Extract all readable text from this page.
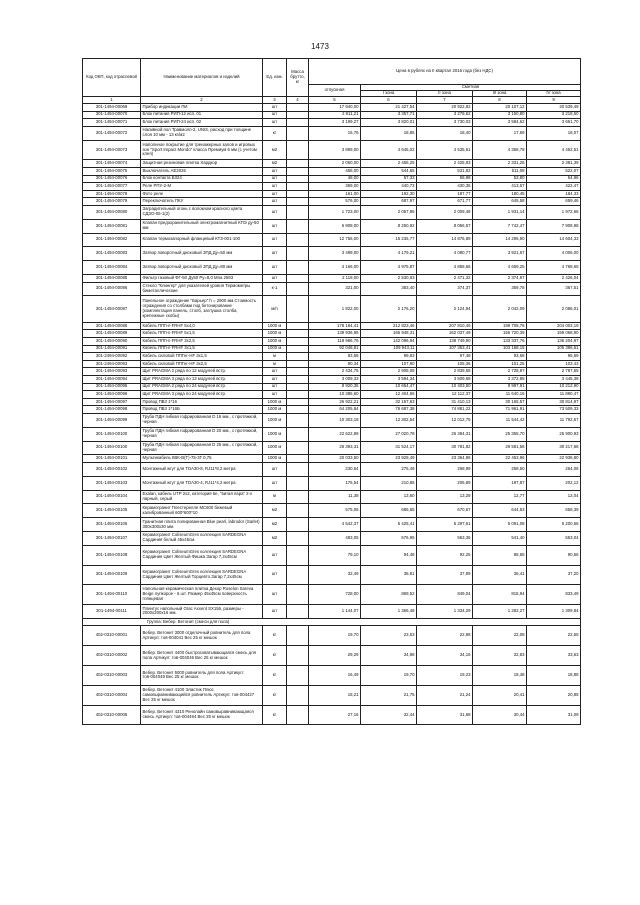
1473
Код ОКП, код отраслевой	Наименование материалов и изделий	Ед. изм.	Масса брутто, кг	Цена в рублях на II квартал 2016 года (без НДС)				
				отпускная	Сметная			
					I зона	II зона	III зона	IV зона
1	2	3	4	5	6	7	8	9
301-1494-00069	Прибор индикации ПИ	шт		17 940,00	21 427,54	20 922,82	20 107,12	20 539,49
301-1494-00070	Блок питания РИП-12 исп. 01	шт		2 811,21	3 357,71	3 278,62	3 150,80	3 218,50
301-1494-00071	Блок питания РИП-24 исп. 02	шт		3 199,27	3 820,01	3 730,03	3 584,62	3 661,70
301-1494-00072	Наливной пол Травмолл-2, UNIS, расход при толщине слоя 10 мм - 13 кг/м2	кг		15,76	18,85	18,40	17,69	18,07
301-1494-00073	Наполнное покрытие для тренажерных залов и игровых зон "Sport Impact Mondo" класса Премиум 6 мм (с учетом клея)	м2		3 899,00	4 645,02	4 535,61	4 358,78	4 452,51
301-1494-00074	Защитная резиновая плитка Хардкор	м2		2 060,00	2 456,25	2 425,93	2 331,26	2 381,39
301-1494-00075	Выключатель АЕ2026	шт		456,00	544,65	531,82	511,08	522,07
301-1494-00076	Блок контакта Б324	шт		48,00	57,33	55,98	53,80	54,96
301-1494-00077	Реле РПУ-2-М	шт		369,00	440,73	430,35	413,57	422,47
301-1494-00078	Фото реле	шт		161,00	192,30	187,77	180,45	184,33
301-1494-00079	Переключатель ПКУ	шт		576,00	687,97	671,77	645,58	659,46
301-1494-00080	Заградительный огонь с волокном красного цвета СДЗО-05-1(2)	шт		1 723,00	2 057,95	2 009,48	1 931,14	1 972,66
301-1494-00081	Клапан предохранительный электромагнитный КПЭ ду-50 мм	шт		6 908,00	8 250,92	8 056,57	7 742,47	7 908,98
301-1494-00082	Клапан термозапорный фланцевый КТЗ-001-100	шт		12 756,00	15 235,77	14 876,89	14 296,90	14 604,33
301-1494-00083	Затвор поворотный дисковый ЗПД Ду=50 мм	шт		3 499,00	4 179,21	4 080,77	3 921,67	4 006,00
301-1494-00084	Затвор поворотный дисковый ЗПД Ду=80 мм	шт		4 166,00	4 975,87	4 858,66	4 669,25	4 769,65
301-1494-00085	Фильтр газовый ФГ-50 Ду50 Ру=8,0 Мпа 2593	шт		2 119,00	2 530,93	2 471,32	2 374,97	2 426,04
301-1494-00086	Стекло "Клингер" для указателей уровня Термометры биметаллические	к-1		321,00	383,40	374,37	359,78	367,51
301-1494-00087	Панельное ограждение "Барьер" h = 2900 мм.Стоимость ограждения со столбами под бетонирование (комплектация панель, столб, заглушка столба, крепежные скобы)	м/п		1 822,00	2 176,20	2 124,94	2 042,09	2 086,01
301-1494-00088	Кабель ППГнг-FRHF 5х4,0	1000 м		178 184,41	212 823,46	207 810,45	199 708,78	204 003,19
301-1494-00089	Кабель ППГнг-FRHF 5х1,5	1000 м		139 936,95	165 948,31	162 037,49	155 720,39	159 068,90
301-1494-00090	Кабель ППГнг-FRHF 3х2,5	1000 м		118 966,76	142 096,94	138 749,90	133 337,76	136 204,97
301-1494-00091	Кабель ППГнг-FRHF 3х1,5	1000 м		92 048,81	109 943,11	107 353,41	103 168,15	105 386,61
301-2494-00092	Кабель силовой ППГнг-HF 3х1,5	м		83,58	99,83	97,48	93,68	95,69
301-2494-00093	Кабель силовой ППГнг-HF 3х2,5	м		90,34	107,90	105,36	101,25	103,43
301-1494-00093	Щит PRAGMA 2 ряда по 12 модулей встр.	шт		2 434,76	2 908,08	2 839,58	2 728,87	2 787,55
301-1494-00094	Щит PRAGMA 3 ряда по 13 модулей встр.	шт		3 009,33	3 594,34	3 509,68	3 372,85	3 445,38
301-1494-00095	Щит PRAGMA 2 ряда по 24 модулей встр.	шт		8 920,35	10 654,47	10 403,50	9 997,91	10 212,90
301-1494-00096	Щит PRAGMA 3 ряда по 24 модулей встр.	шт		10 385,60	12 404,56	12 112,37	11 640,16	11 890,47
301-1494-00097	Провод ПВ3 1*16	1000 м		26 922,21	32 157,63	31 410,13	30 165,57	30 814,97
301-1494-00098	Провод ПВ3 1*16Б	1000 м		64 205,84	76 687,38	74 881,22	71 961,91	73 509,33
301-1494-00099	Труба ПДН гибкая гофрированная D 16 мм., с протяжкой, черная	1000 м		10 303,18	12 302,54	12 012,75	11 544,42	11 792,67
301-1494-00100	Труба ПДН гибкая гофрированная D 20 мм., с протяжкой, черная	1000 м		22 622,89	27 020,78	26 384,31	25 355,70	25 900,93
301-1494-00100	Труба ПДН гибкая гофрированная D 25 мм., с протяжкой, черная	1000 м		26 393,31	31 524,17	30 781,82	29 581,58	30 217,68
301-1494-00101	Мультикабель КВК-В(Т)-75-3Г 0,75	1000 м		20 033,50	23 928,49	23 364,86	22 453,96	22 936,80
301-1494-00102	Монтажный жгут для TDA30-8, RJ11*8,2 метра	шт		230,64	275,49	268,99	258,50	264,06
301-1494-00103	Монтажный жгут для TDA30-4, RJ11*4,2 метра	шт		176,54	210,86	205,89	197,87	202,12
301-1494-00104	Exalan, кабель UTP 2х2, категория 5е, "витая пара" 2-х парный, серый	м		11,38	13,60	13,28	12,77	13,04
301-1494-00105	Керамогранит Плестерелле МС600 бежевый калиброванный 600*600*10	м2		575,06	686,65	670,67	644,53	658,39
301-1494-00106	Гранитная плита полированная Blue pearl, labrodor (Sarlet) 300х300х30 мм.	м2		4 542,37	5 425,41	5 297,61	5 091,08	5 200,56
301-1494-00107	Керамогранит ColiseumGres коллекция SARDEGNA Сардиния белый 45х45см.	м2		483,05	576,95	563,36	541,40	553,04
301-1494-00108	Керамогранит ColiseumGres коллекция SARDEGNA Сардиния Цвет Желтый Фишка Загар 7,2х45см	шт		79,10	94,48	92,25	88,65	90,56
301-1494-00109	Керамогранит ColiseumGres коллекция SARDEGNA Сардиния Цвет Желтый Торцевто Загар 7,2х45см	шт		32,49	38,81	37,89	36,41	37,20
301-1494-00110	Напольная керамическая плитка Декор Roselon Sareva Beige лупкорое - 6 шт. Размер 45х45см поверхность глянцевая	шт		728,00	869,52	849,04	815,94	833,49
301-1494-00111	Плинтус напольный Orac Axxent SX156, размеры - 2000х200х16 мм.	шт		1 144,07	1 366,48	1 334,29	1 282,27	1 309,84
Группа: Вебер. Ветонит (смеси для пола)								
402-0310-00001	Вебер. Ветонит 3000 отделочный ровнитель для пола Артикул: тов-004041 Вес 25 кг мешок	кг		19,70	23,53	22,98	22,08	22,55
402-0310-00002	Вебер. Ветонит 4400 быстросхватывающаяся смесь для пола Артикул: тов-004046 Вес 25 кг мешок	кг		29,29	34,98	34,16	32,83	33,53
402-0310-00003	Вебер. Ветонит 5000 ровнитель для пола Артикул: тов-004049 Вес 25 кг мешок	кг		16,49	19,70	19,23	18,48	18,88
402-0310-00004	Вебер. Ветонит 4100 Эластик Плюс самовыравнивающийся ровнитель Артикул: тов-004427 Вес 25 кг мешок	кг		18,21	21,75	21,24	20,41	20,85
402-0310-00005	Вебер. Ветонит 4310 Ренолайн самовыравнивающаяся смесь Артикул: тов-004494 Вес 25 кг мешок	кг		27,16	32,44	31,68	30,44	31,09
